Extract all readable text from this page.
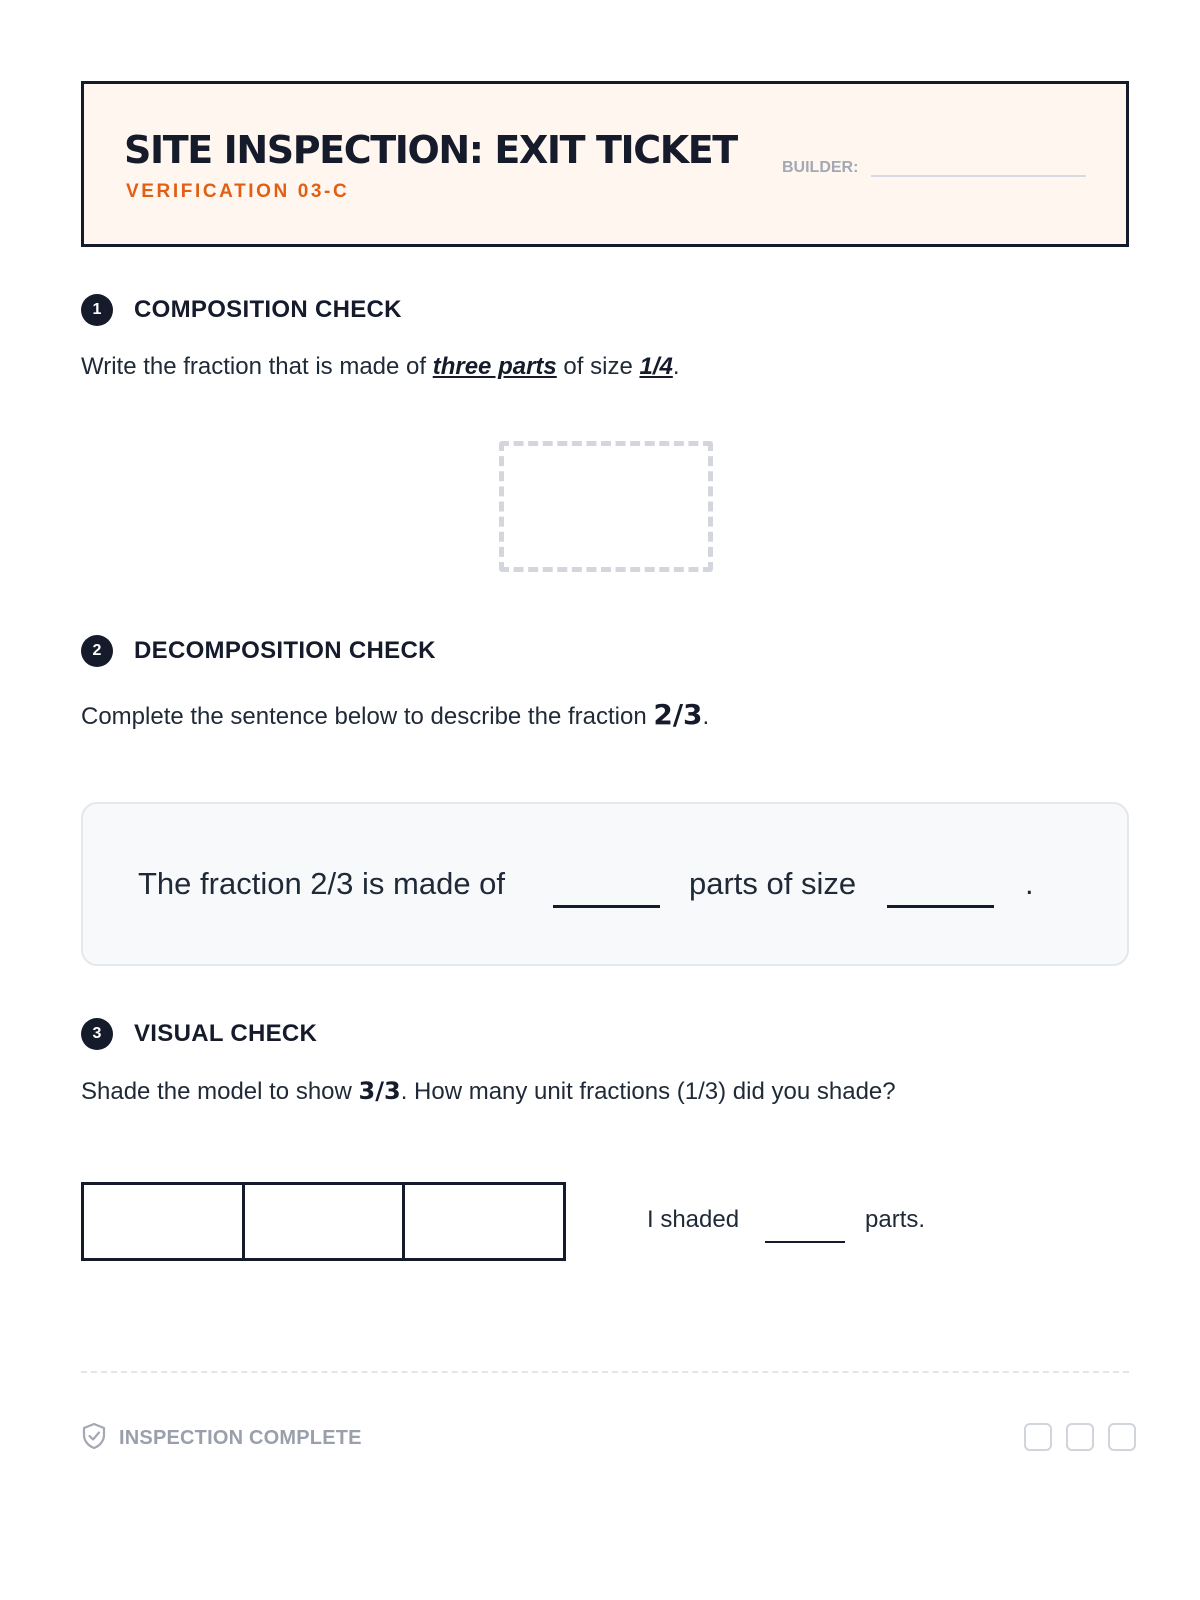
SITE INSPECTION: EXIT TICKET
VERIFICATION 03-C
BUILDER:
1	COMPOSITION CHECK
Write the fraction that is made of three parts of size 1/4.
2	DECOMPOSITION CHECK
Complete the sentence below to describe the fraction 2/3.
The fraction 2/3 is made of	parts of size	.
3	VISUAL CHECK
Shade the model to show 3/3. How many unit fractions (1/3) did you shade?
I shaded	parts.
INSPECTION COMPLETE
